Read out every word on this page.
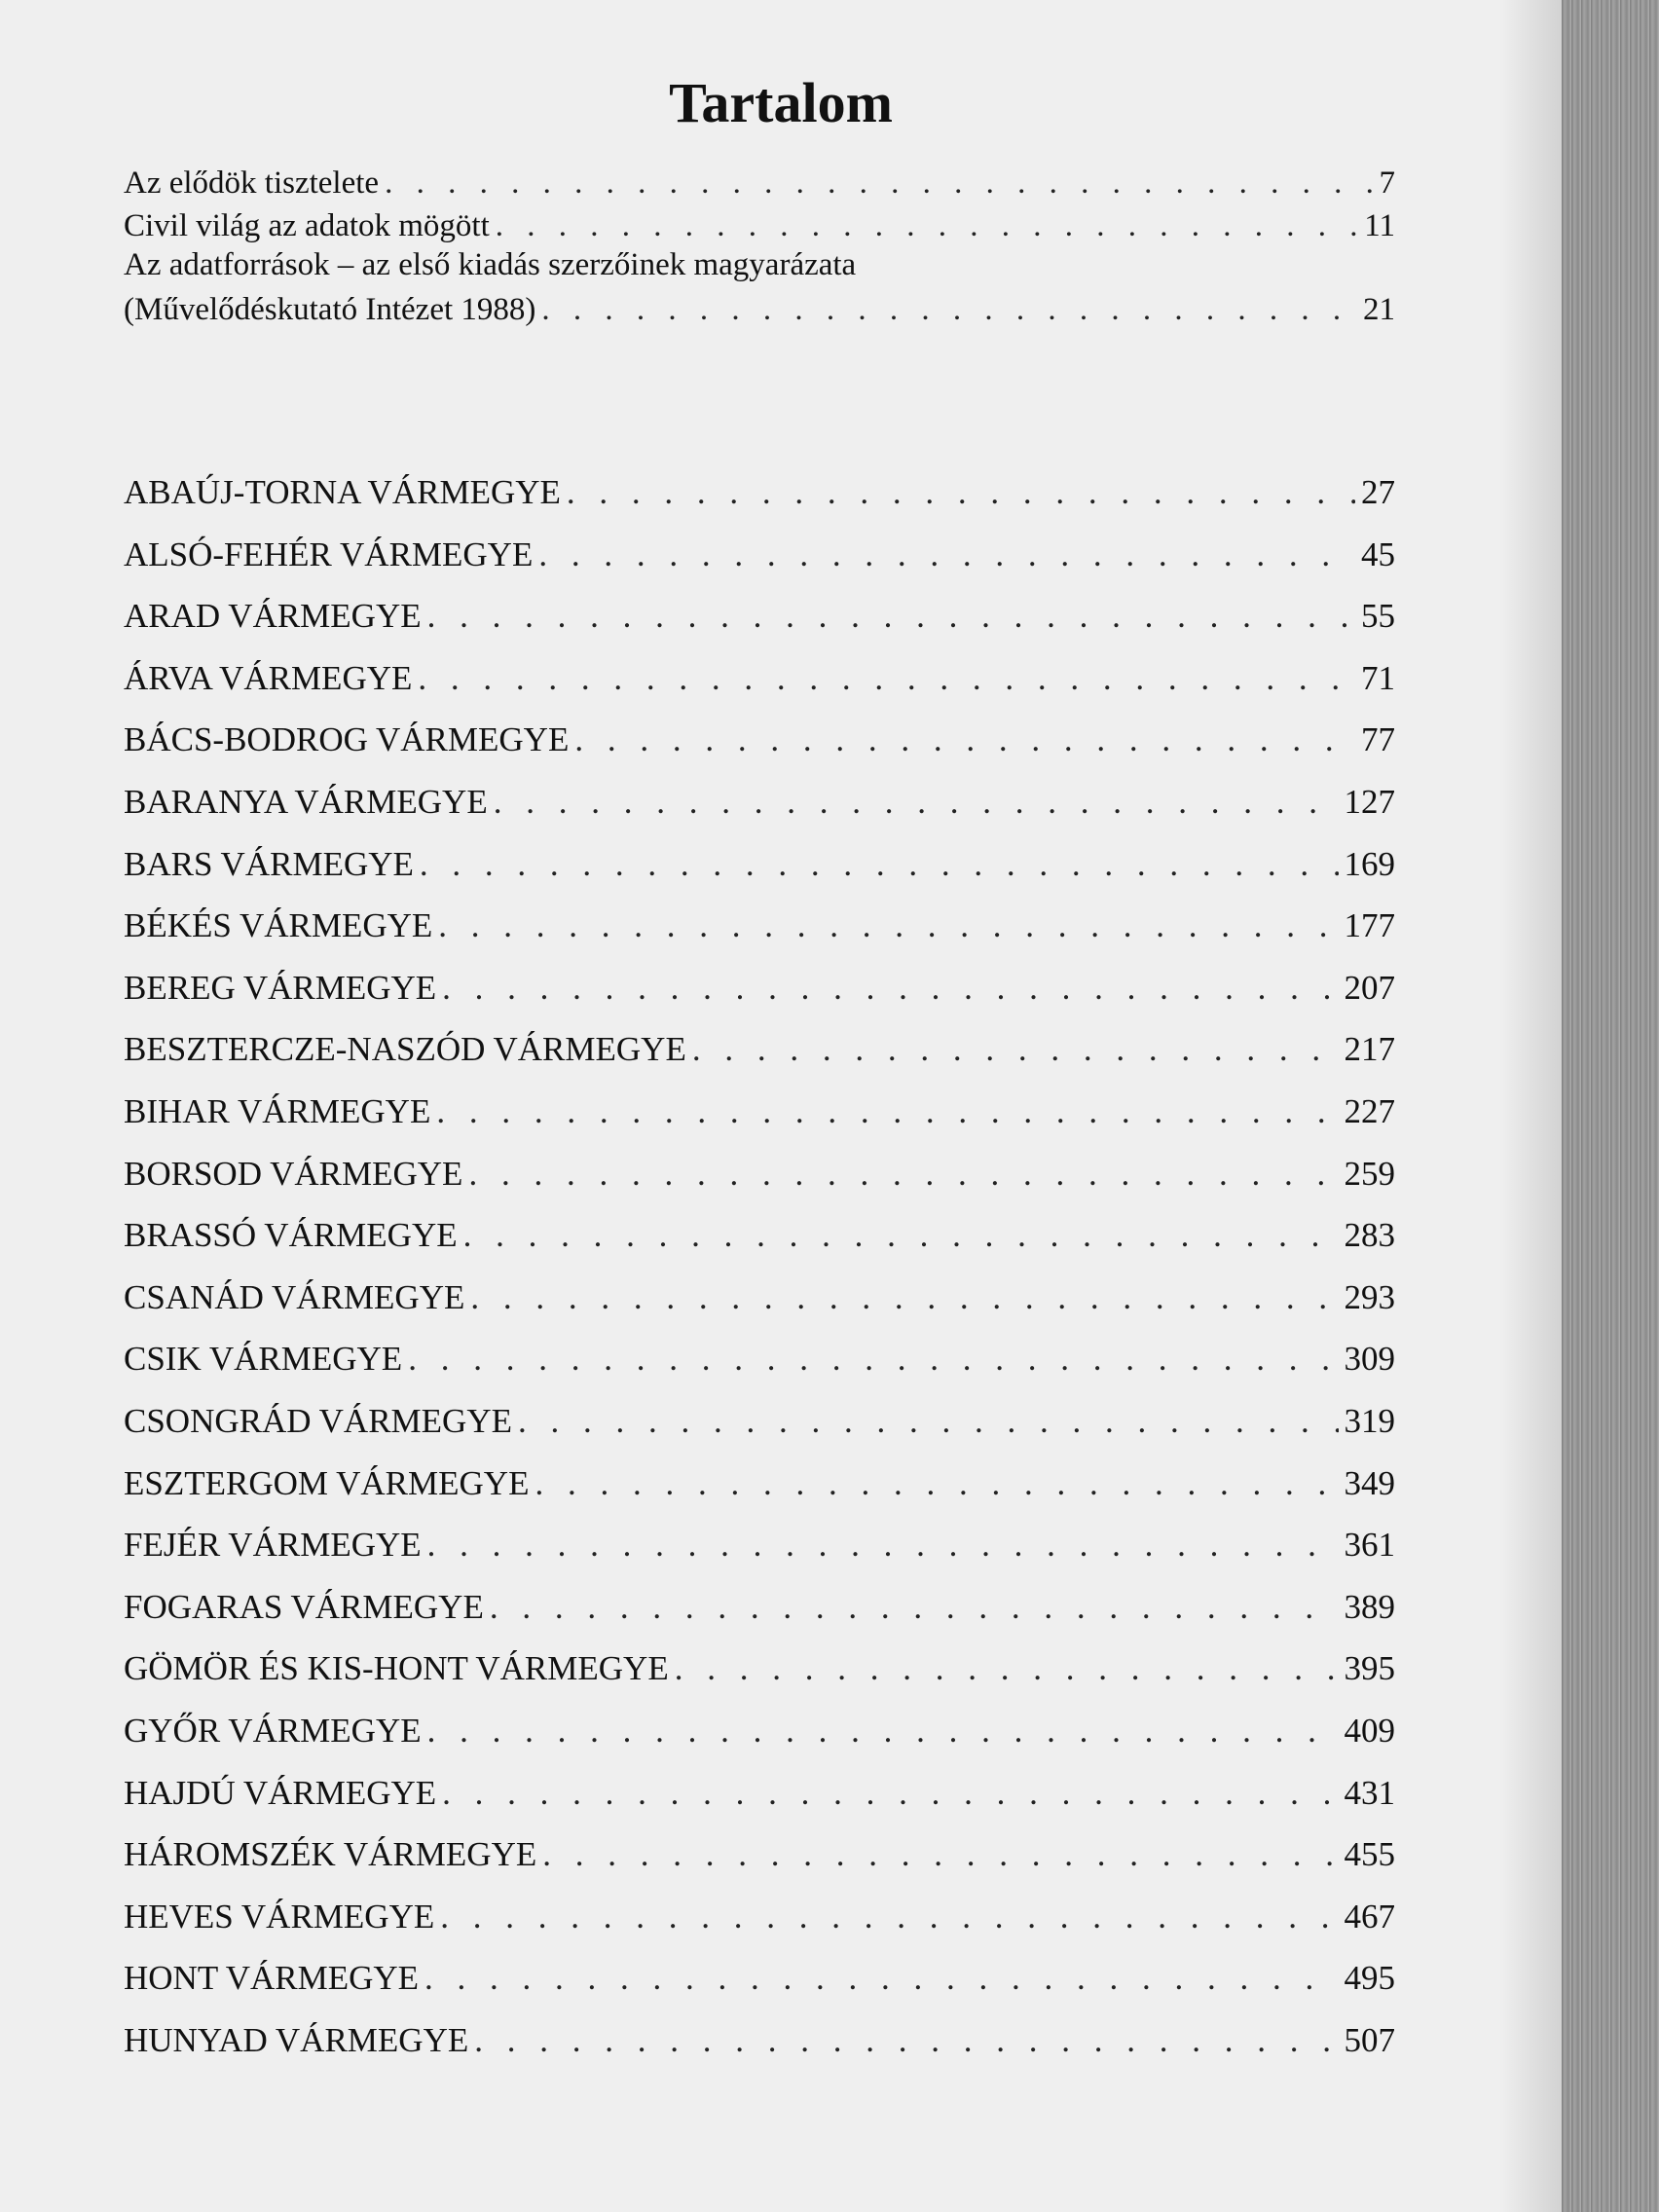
Tartalom
Az elődök tisztelete . . .	7
Civil világ az adatok mögött . . .	11
Az adatforrások – az első kiadás szerzőinek magyarázata
(Művelődéskutató Intézet 1988) . . .	21
ABAÚJ-TORNA VÁRMEGYE . . .	27
ALSÓ-FEHÉR VÁRMEGYE . . .	45
ARAD VÁRMEGYE . . .	55
ÁRVA VÁRMEGYE . . .	71
BÁCS-BODROG VÁRMEGYE . . .	77
BARANYA VÁRMEGYE . . .	127
BARS VÁRMEGYE . . .	169
BÉKÉS VÁRMEGYE . . .	177
BEREG VÁRMEGYE . . .	207
BESZTERCZE-NASZÓD VÁRMEGYE . . .	217
BIHAR VÁRMEGYE . . .	227
BORSOD VÁRMEGYE . . .	259
BRASSÓ VÁRMEGYE . . .	283
CSANÁD VÁRMEGYE . . .	293
CSIK VÁRMEGYE . . .	309
CSONGRÁD VÁRMEGYE . . .	319
ESZTERGOM VÁRMEGYE . . .	349
FEJÉR VÁRMEGYE . . .	361
FOGARAS VÁRMEGYE . . .	389
GÖMÖR ÉS KIS-HONT VÁRMEGYE . . .	395
GYŐR VÁRMEGYE . . .	409
HAJDÚ VÁRMEGYE . . .	431
HÁROMSZÉK VÁRMEGYE . . .	455
HEVES VÁRMEGYE . . .	467
HONT VÁRMEGYE . . .	495
HUNYAD VÁRMEGYE . . .	507
